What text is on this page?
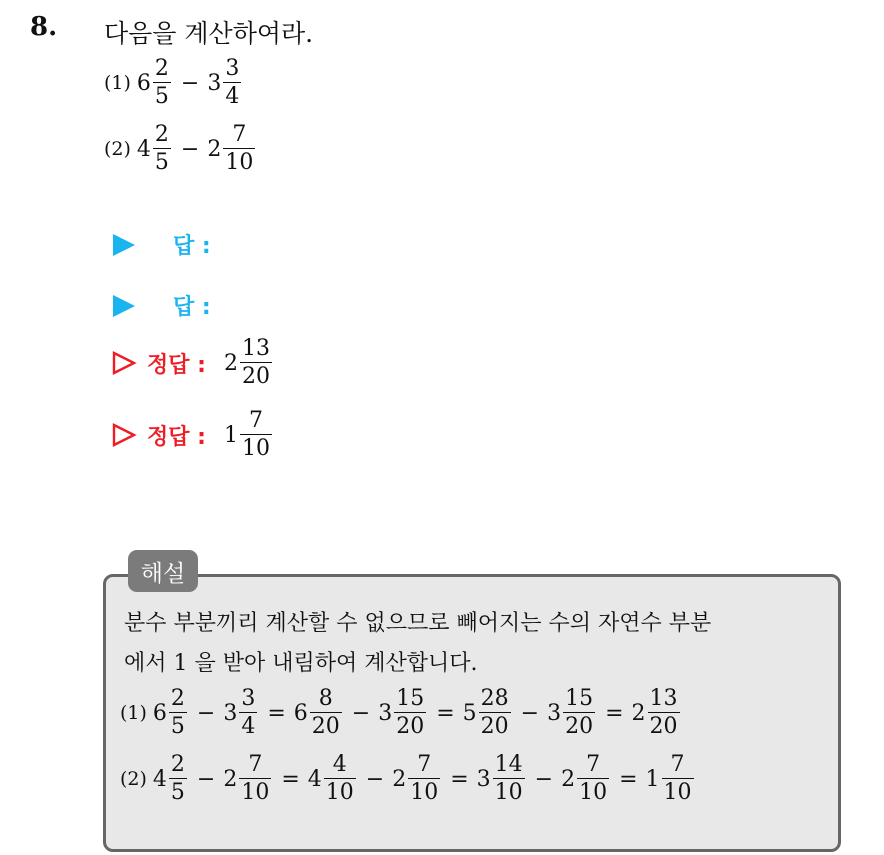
8. 다음을 계산하여라.
(1) $6 \frac{2}{5} - 3 \frac{3}{4}$
(2) $4 \frac{2}{5} - 2 \frac{7}{10}$
답 :
답 :
정답 : $2 \frac{13}{20}$
정답 : $1 \frac{7}{10}$
해설
분수 부분끼리 계산할 수 없으므로 빼어지는 수의 자연수 부분
에서 1 을 받아 내림하여 계산합니다.
(1) $6 \frac{2}{5} - 3 \frac{3}{4} = 6 \frac{8}{20} - 3 \frac{15}{20} = 5 \frac{28}{20} - 3 \frac{15}{20} = 2 \frac{13}{20}$
(2) $4 \frac{2}{5} - 2 \frac{7}{10} = 4 \frac{4}{10} - 2 \frac{7}{10} = 3 \frac{14}{10} - 2 \frac{7}{10} = 1 \frac{7}{10}$
